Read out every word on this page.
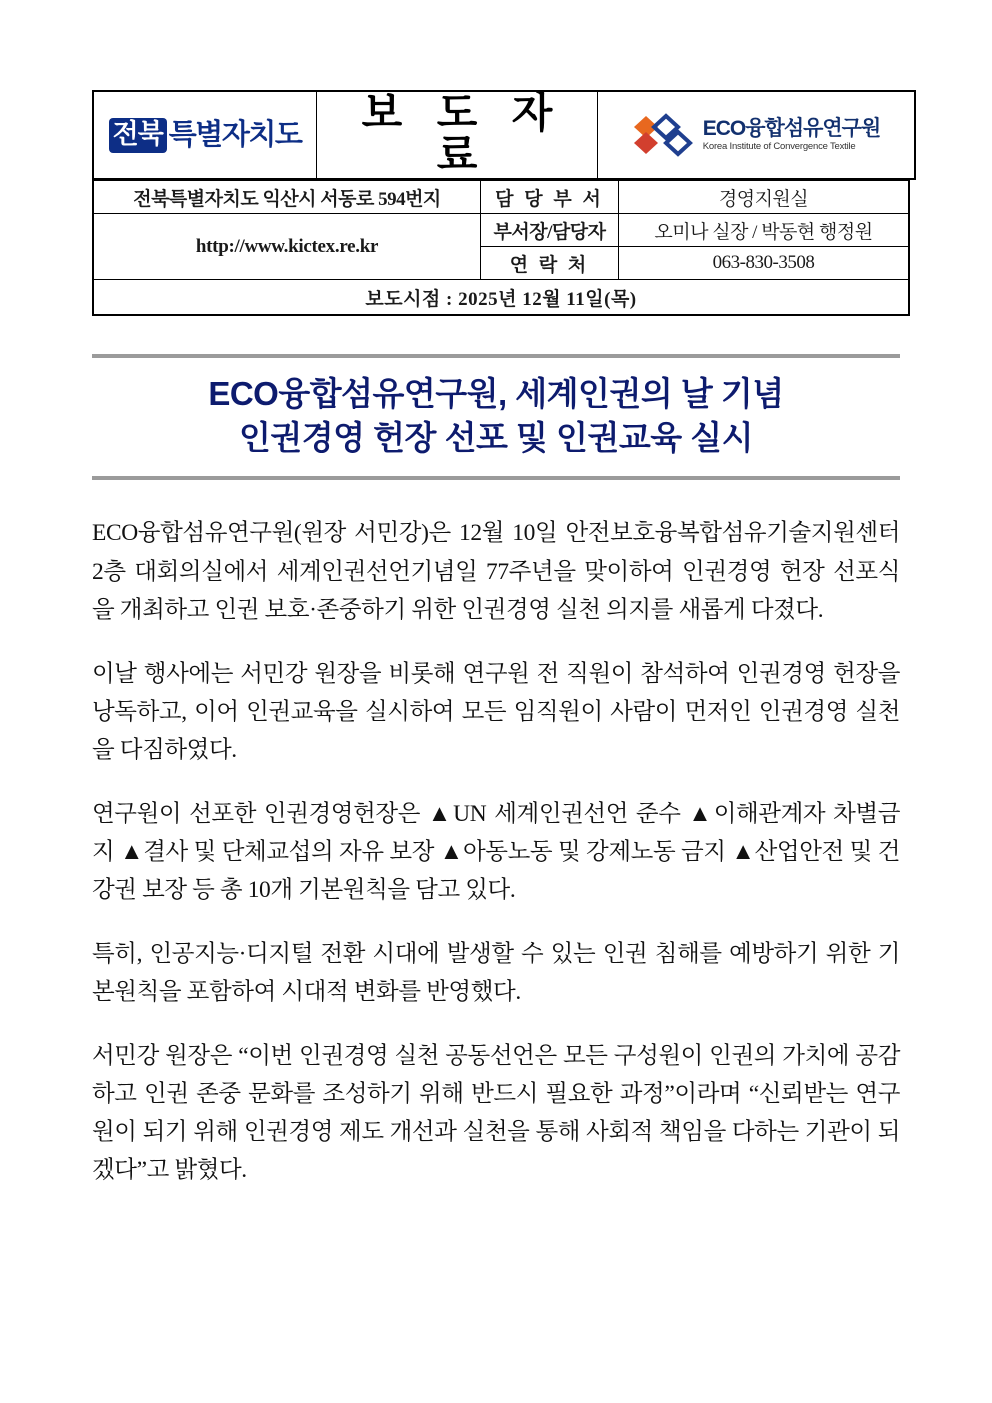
전북 특별자치도	보 도 자 료

ECO융합섬유연구원
Korea Institute of Convergence Textile
전북특별자치도 익산시 서동로 594번지	담 당 부 서	경영지원실
http://www.kictex.re.kr	부서장/담당자	오미나 실장 / 박동현 행정원
	연 락 처	063-830-3508
보도시점 : 2025년 12월 11일(목)		
ECO융합섬유연구원, 세계인권의 날 기념
인권경영 헌장 선포 및 인권교육 실시

ECO융합섬유연구원(원장 서민강)은 12월 10일 안전보호융복합섬유기술지원센터 2층 대회의실에서 세계인권선언기념일 77주년을 맞이하여 인권경영 헌장 선포식을 개최하고 인권 보호·존중하기 위한 인권경영 실천 의지를 새롭게 다졌다.

이날 행사에는 서민강 원장을 비롯해 연구원 전 직원이 참석하여 인권경영 헌장을 낭독하고, 이어 인권교육을 실시하여 모든 임직원이 사람이 먼저인 인권경영 실천을 다짐하였다.

연구원이 선포한 인권경영헌장은 ▲UN 세계인권선언 준수 ▲이해관계자 차별금지 ▲결사 및 단체교섭의 자유 보장 ▲아동노동 및 강제노동 금지 ▲산업안전 및 건강권 보장 등 총 10개 기본원칙을 담고 있다.

특히, 인공지능·디지털 전환 시대에 발생할 수 있는 인권 침해를 예방하기 위한 기본원칙을 포함하여 시대적 변화를 반영했다.

서민강 원장은 “이번 인권경영 실천 공동선언은 모든 구성원이 인권의 가치에 공감하고 인권 존중 문화를 조성하기 위해 반드시 필요한 과정”이라며 “신뢰받는 연구원이 되기 위해 인권경영 제도 개선과 실천을 통해 사회적 책임을 다하는 기관이 되겠다”고 밝혔다.
